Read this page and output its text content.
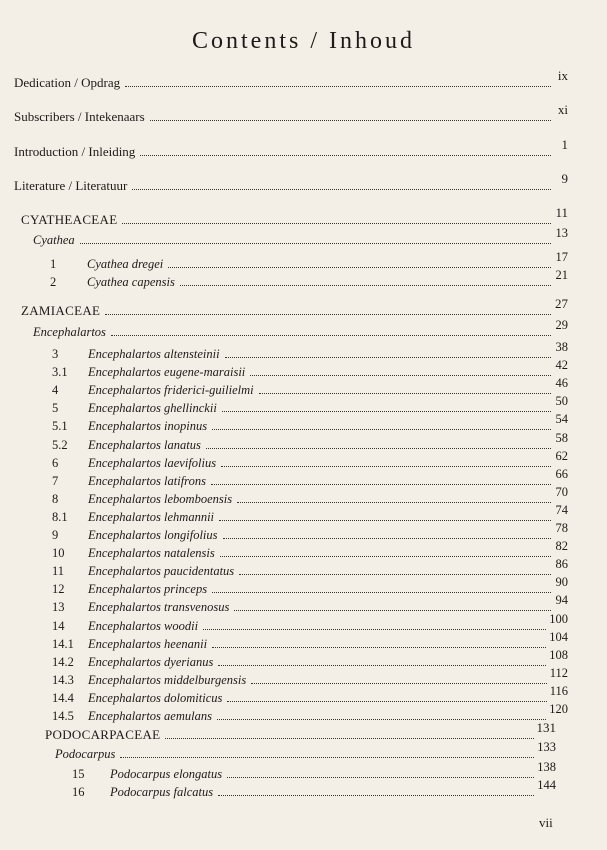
Contents / Inhoud
Dedication / Opdrag	ix
Subscribers / Intekenaars	xi
Introduction / Inleiding	1
Literature / Literatuur	9
CYATHEACEAE	11
Cyathea	13
1	Cyathea dregei	17
2	Cyathea capensis	21
ZAMIACEAE	27
Encephalartos	29
3	Encephalartos altensteinii	38
3.1	Encephalartos eugene-maraisii	42
4	Encephalartos friderici-guilielmi	46
5	Encephalartos ghellinckii	50
5.1	Encephalartos inopinus	54
5.2	Encephalartos lanatus	58
6	Encephalartos laevifolius	62
7	Encephalartos latifrons	66
8	Encephalartos lebomboensis	70
8.1	Encephalartos lehmannii	74
9	Encephalartos longifolius	78
10	Encephalartos natalensis	82
11	Encephalartos paucidentatus	86
12	Encephalartos princeps	90
13	Encephalartos transvenosus	94
14	Encephalartos woodii	100
14.1	Encephalartos heenanii	104
14.2	Encephalartos dyerianus	108
14.3	Encephalartos middelburgensis	112
14.4	Encephalartos dolomiticus	116
14.5	Encephalartos aemulans	120
PODOCARPACEAE	131
Podocarpus	133
15	Podocarpus elongatus	138
16	Podocarpus falcatus	144
vii
